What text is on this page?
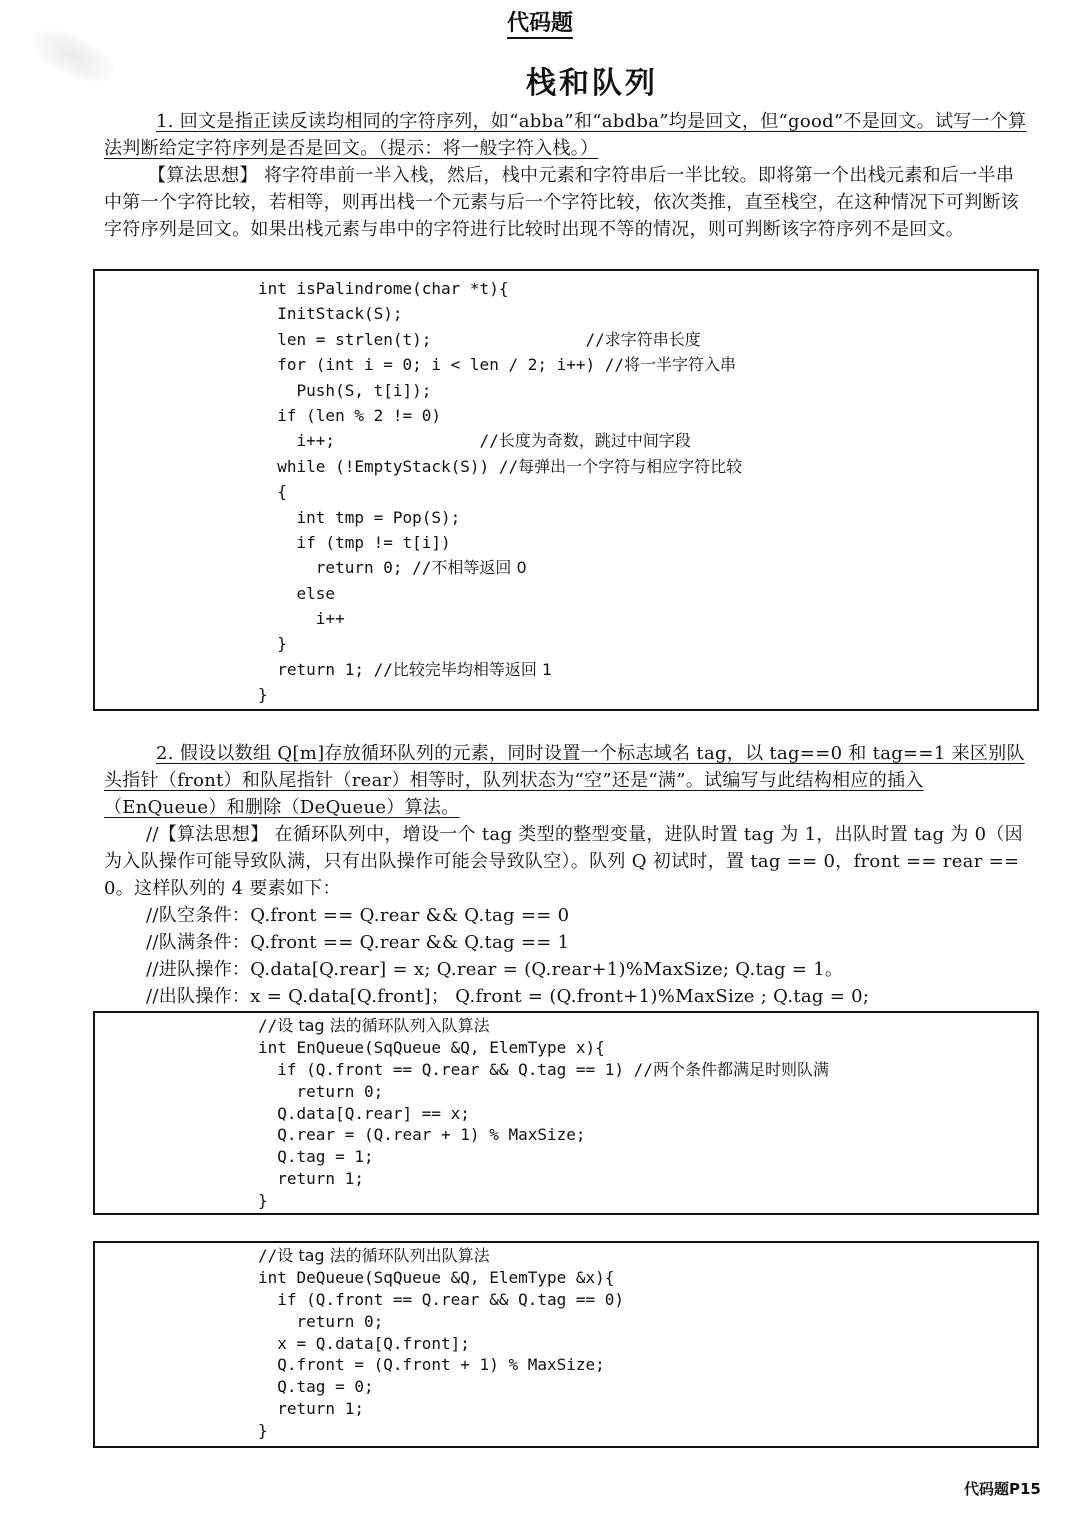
代码题
栈和队列
1. 回文是指正读反读均相同的字符序列，如“abba”和“abdba”均是回文，但“good”不是回文。试写一个算法判断给定字符序列是否是回文。（提示：将一般字符入栈。）
【算法思想】 将字符串前一半入栈，然后，栈中元素和字符串后一半比较。即将第一个出栈元素和后一半串中第一个字符比较，若相等，则再出栈一个元素与后一个字符比较，依次类推，直至栈空，在这种情况下可判断该字符序列是回文。如果出栈元素与串中的字符进行比较时出现不等的情况，则可判断该字符序列不是回文。
int isPalindrome(char *t){
InitStack(S);
len = strlen(t);                //求字符串长度
for (int i = 0; i < len / 2; i++) //将一半字符入串
Push(S, t[i]);
if (len % 2 != 0)
i++;               //长度为奇数，跳过中间字段
while (!EmptyStack(S)) //每弹出一个字符与相应字符比较
{
int tmp = Pop(S);
if (tmp != t[i])
return 0; //不相等返回 0
else
i++
}
return 1; //比较完毕均相等返回 1
}
2. 假设以数组 Q[m]存放循环队列的元素，同时设置一个标志域名 tag，以 tag==0 和 tag==1 来区别队头指针（front）和队尾指针（rear）相等时，队列状态为“空”还是“满”。试编写与此结构相应的插入（EnQueue）和删除（DeQueue）算法。
//【算法思想】 在循环队列中，增设一个 tag 类型的整型变量，进队时置 tag 为 1，出队时置 tag 为 0（因为入队操作可能导致队满，只有出队操作可能会导致队空）。队列 Q 初试时，置 tag == 0，front == rear == 0。这样队列的 4 要素如下：
//队空条件：Q.front == Q.rear && Q.tag == 0
//队满条件：Q.front == Q.rear && Q.tag == 1
//进队操作：Q.data[Q.rear] = x; Q.rear = (Q.rear+1)%MaxSize; Q.tag = 1。
//出队操作：x = Q.data[Q.front]； Q.front = (Q.front+1)%MaxSize ; Q.tag = 0;
//设 tag 法的循环队列入队算法
int EnQueue(SqQueue &Q, ElemType x){
if (Q.front == Q.rear && Q.tag == 1) //两个条件都满足时则队满
return 0;
Q.data[Q.rear] == x;
Q.rear = (Q.rear + 1) % MaxSize;
Q.tag = 1;
return 1;
}
//设 tag 法的循环队列出队算法
int DeQueue(SqQueue &Q, ElemType &x){
if (Q.front == Q.rear && Q.tag == 0)
return 0;
x = Q.data[Q.front];
Q.front = (Q.front + 1) % MaxSize;
Q.tag = 0;
return 1;
}
代码题P15
